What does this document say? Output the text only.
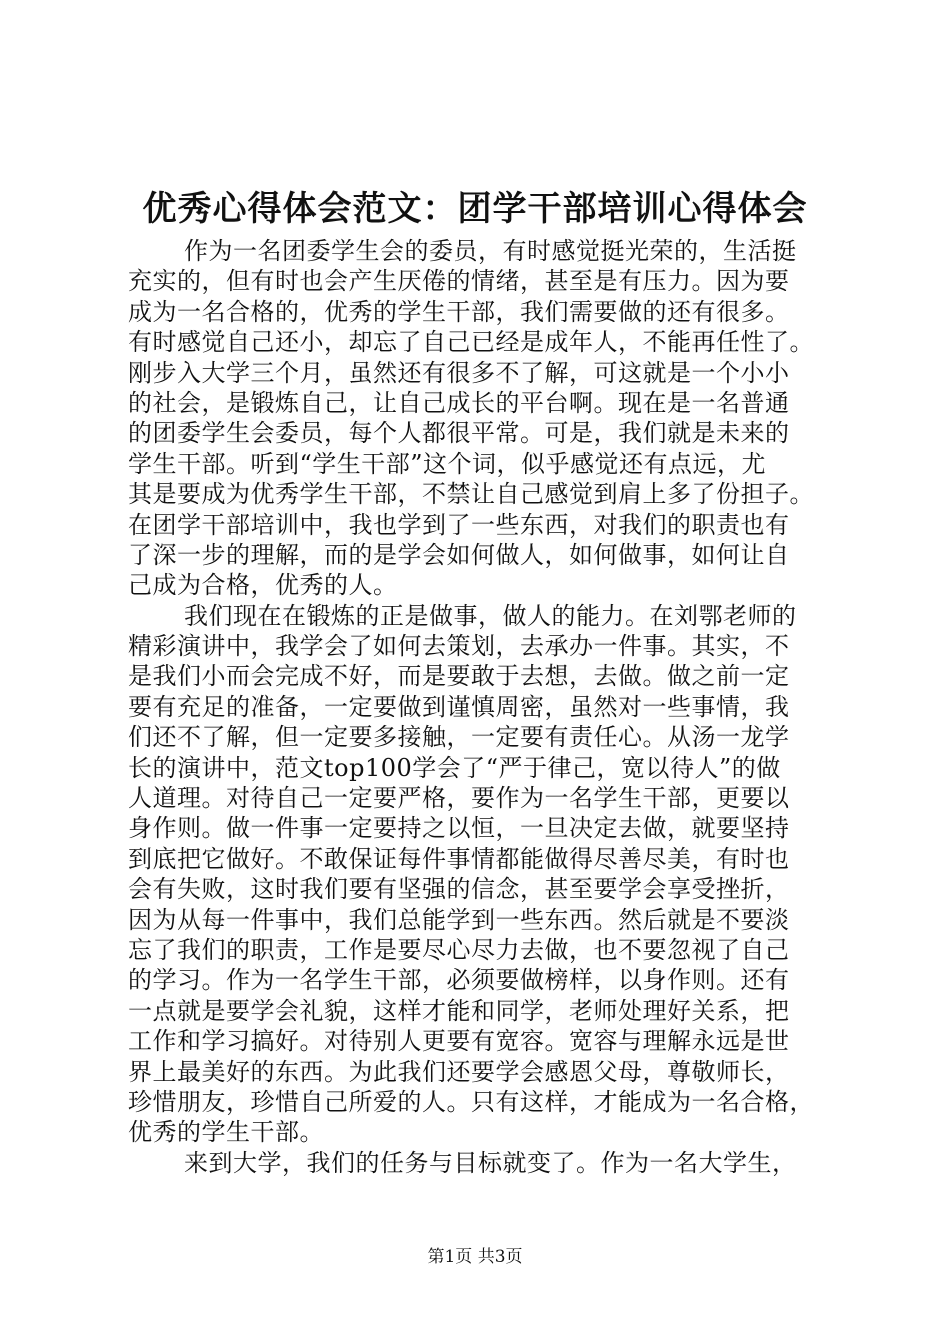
优秀心得体会范文：团学干部培训心得体会
作为一名团委学生会的委员，有时感觉挺光荣的，生活挺
充实的，但有时也会产生厌倦的情绪，甚至是有压力。因为要
成为一名合格的，优秀的学生干部，我们需要做的还有很多。
有时感觉自己还小，却忘了自己已经是成年人，不能再任性了。
刚步入大学三个月，虽然还有很多不了解，可这就是一个小小
的社会，是锻炼自己，让自己成长的平台啊。现在是一名普通
的团委学生会委员，每个人都很平常。可是，我们就是未来的
学生干部。听到“学生干部”这个词，似乎感觉还有点远，尤
其是要成为优秀学生干部，不禁让自己感觉到肩上多了份担子。
在团学干部培训中，我也学到了一些东西，对我们的职责也有
了深一步的理解，而的是学会如何做人，如何做事，如何让自
己成为合格，优秀的人。
我们现在在锻炼的正是做事，做人的能力。在刘鄂老师的
精彩演讲中，我学会了如何去策划，去承办一件事。其实，不
是我们小而会完成不好，而是要敢于去想，去做。做之前一定
要有充足的准备，一定要做到谨慎周密，虽然对一些事情，我
们还不了解，但一定要多接触，一定要有责任心。从汤一龙学
长的演讲中，范文top100学会了“严于律己，宽以待人”的做
人道理。对待自己一定要严格，要作为一名学生干部，更要以
身作则。做一件事一定要持之以恒，一旦决定去做，就要坚持
到底把它做好。不敢保证每件事情都能做得尽善尽美，有时也
会有失败，这时我们要有坚强的信念，甚至要学会享受挫折，
因为从每一件事中，我们总能学到一些东西。然后就是不要淡
忘了我们的职责，工作是要尽心尽力去做，也不要忽视了自己
的学习。作为一名学生干部，必须要做榜样，以身作则。还有
一点就是要学会礼貌，这样才能和同学，老师处理好关系，把
工作和学习搞好。对待别人更要有宽容。宽容与理解永远是世
界上最美好的东西。为此我们还要学会感恩父母，尊敬师长，
珍惜朋友，珍惜自己所爱的人。只有这样，才能成为一名合格，
优秀的学生干部。
来到大学，我们的任务与目标就变了。作为一名大学生，
第1页 共3页
